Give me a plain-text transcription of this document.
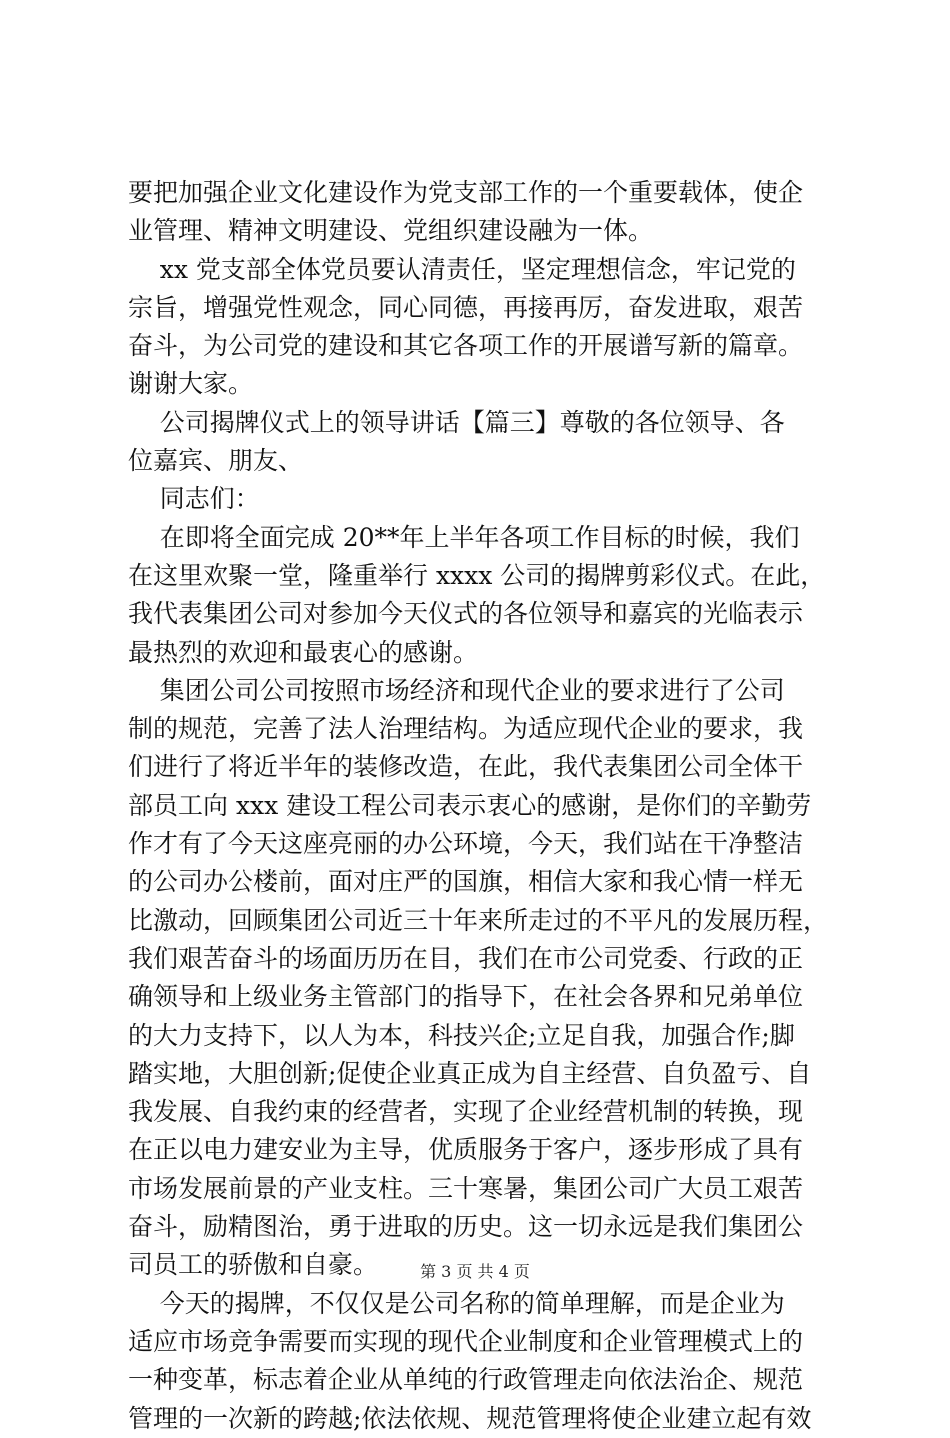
要把加强企业文化建设作为党支部工作的一个重要载体，使企
业管理、精神文明建设、党组织建设融为一体。
xx 党支部全体党员要认清责任，坚定理想信念，牢记党的
宗旨，增强党性观念，同心同德，再接再厉，奋发进取，艰苦
奋斗，为公司党的建设和其它各项工作的开展谱写新的篇章。
谢谢大家。
公司揭牌仪式上的领导讲话【篇三】尊敬的各位领导、各
位嘉宾、朋友、
同志们：
在即将全面完成 20**年上半年各项工作目标的时候，我们
在这里欢聚一堂，隆重举行 xxxx 公司的揭牌剪彩仪式。在此，
我代表集团公司对参加今天仪式的各位领导和嘉宾的光临表示
最热烈的欢迎和最衷心的感谢。
集团公司公司按照市场经济和现代企业的要求进行了公司
制的规范，完善了法人治理结构。为适应现代企业的要求，我
们进行了将近半年的装修改造，在此，我代表集团公司全体干
部员工向 xxx 建设工程公司表示衷心的感谢，是你们的辛勤劳
作才有了今天这座亮丽的办公环境，今天，我们站在干净整洁
的公司办公楼前，面对庄严的国旗，相信大家和我心情一样无
比激动，回顾集团公司近三十年来所走过的不平凡的发展历程，
我们艰苦奋斗的场面历历在目，我们在市公司党委、行政的正
确领导和上级业务主管部门的指导下，在社会各界和兄弟单位
的大力支持下，以人为本，科技兴企;立足自我，加强合作;脚
踏实地，大胆创新;促使企业真正成为自主经营、自负盈亏、自
我发展、自我约束的经营者，实现了企业经营机制的转换，现
在正以电力建安业为主导，优质服务于客户，逐步形成了具有
市场发展前景的产业支柱。三十寒暑，集团公司广大员工艰苦
奋斗，励精图治，勇于进取的历史。这一切永远是我们集团公
司员工的骄傲和自豪。
今天的揭牌，不仅仅是公司名称的简单理解，而是企业为
适应市场竞争需要而实现的现代企业制度和企业管理模式上的
一种变革，标志着企业从单纯的行政管理走向依法治企、规范
管理的一次新的跨越;依法依规、规范管理将使企业建立起有效
第 3 页 共 4 页
